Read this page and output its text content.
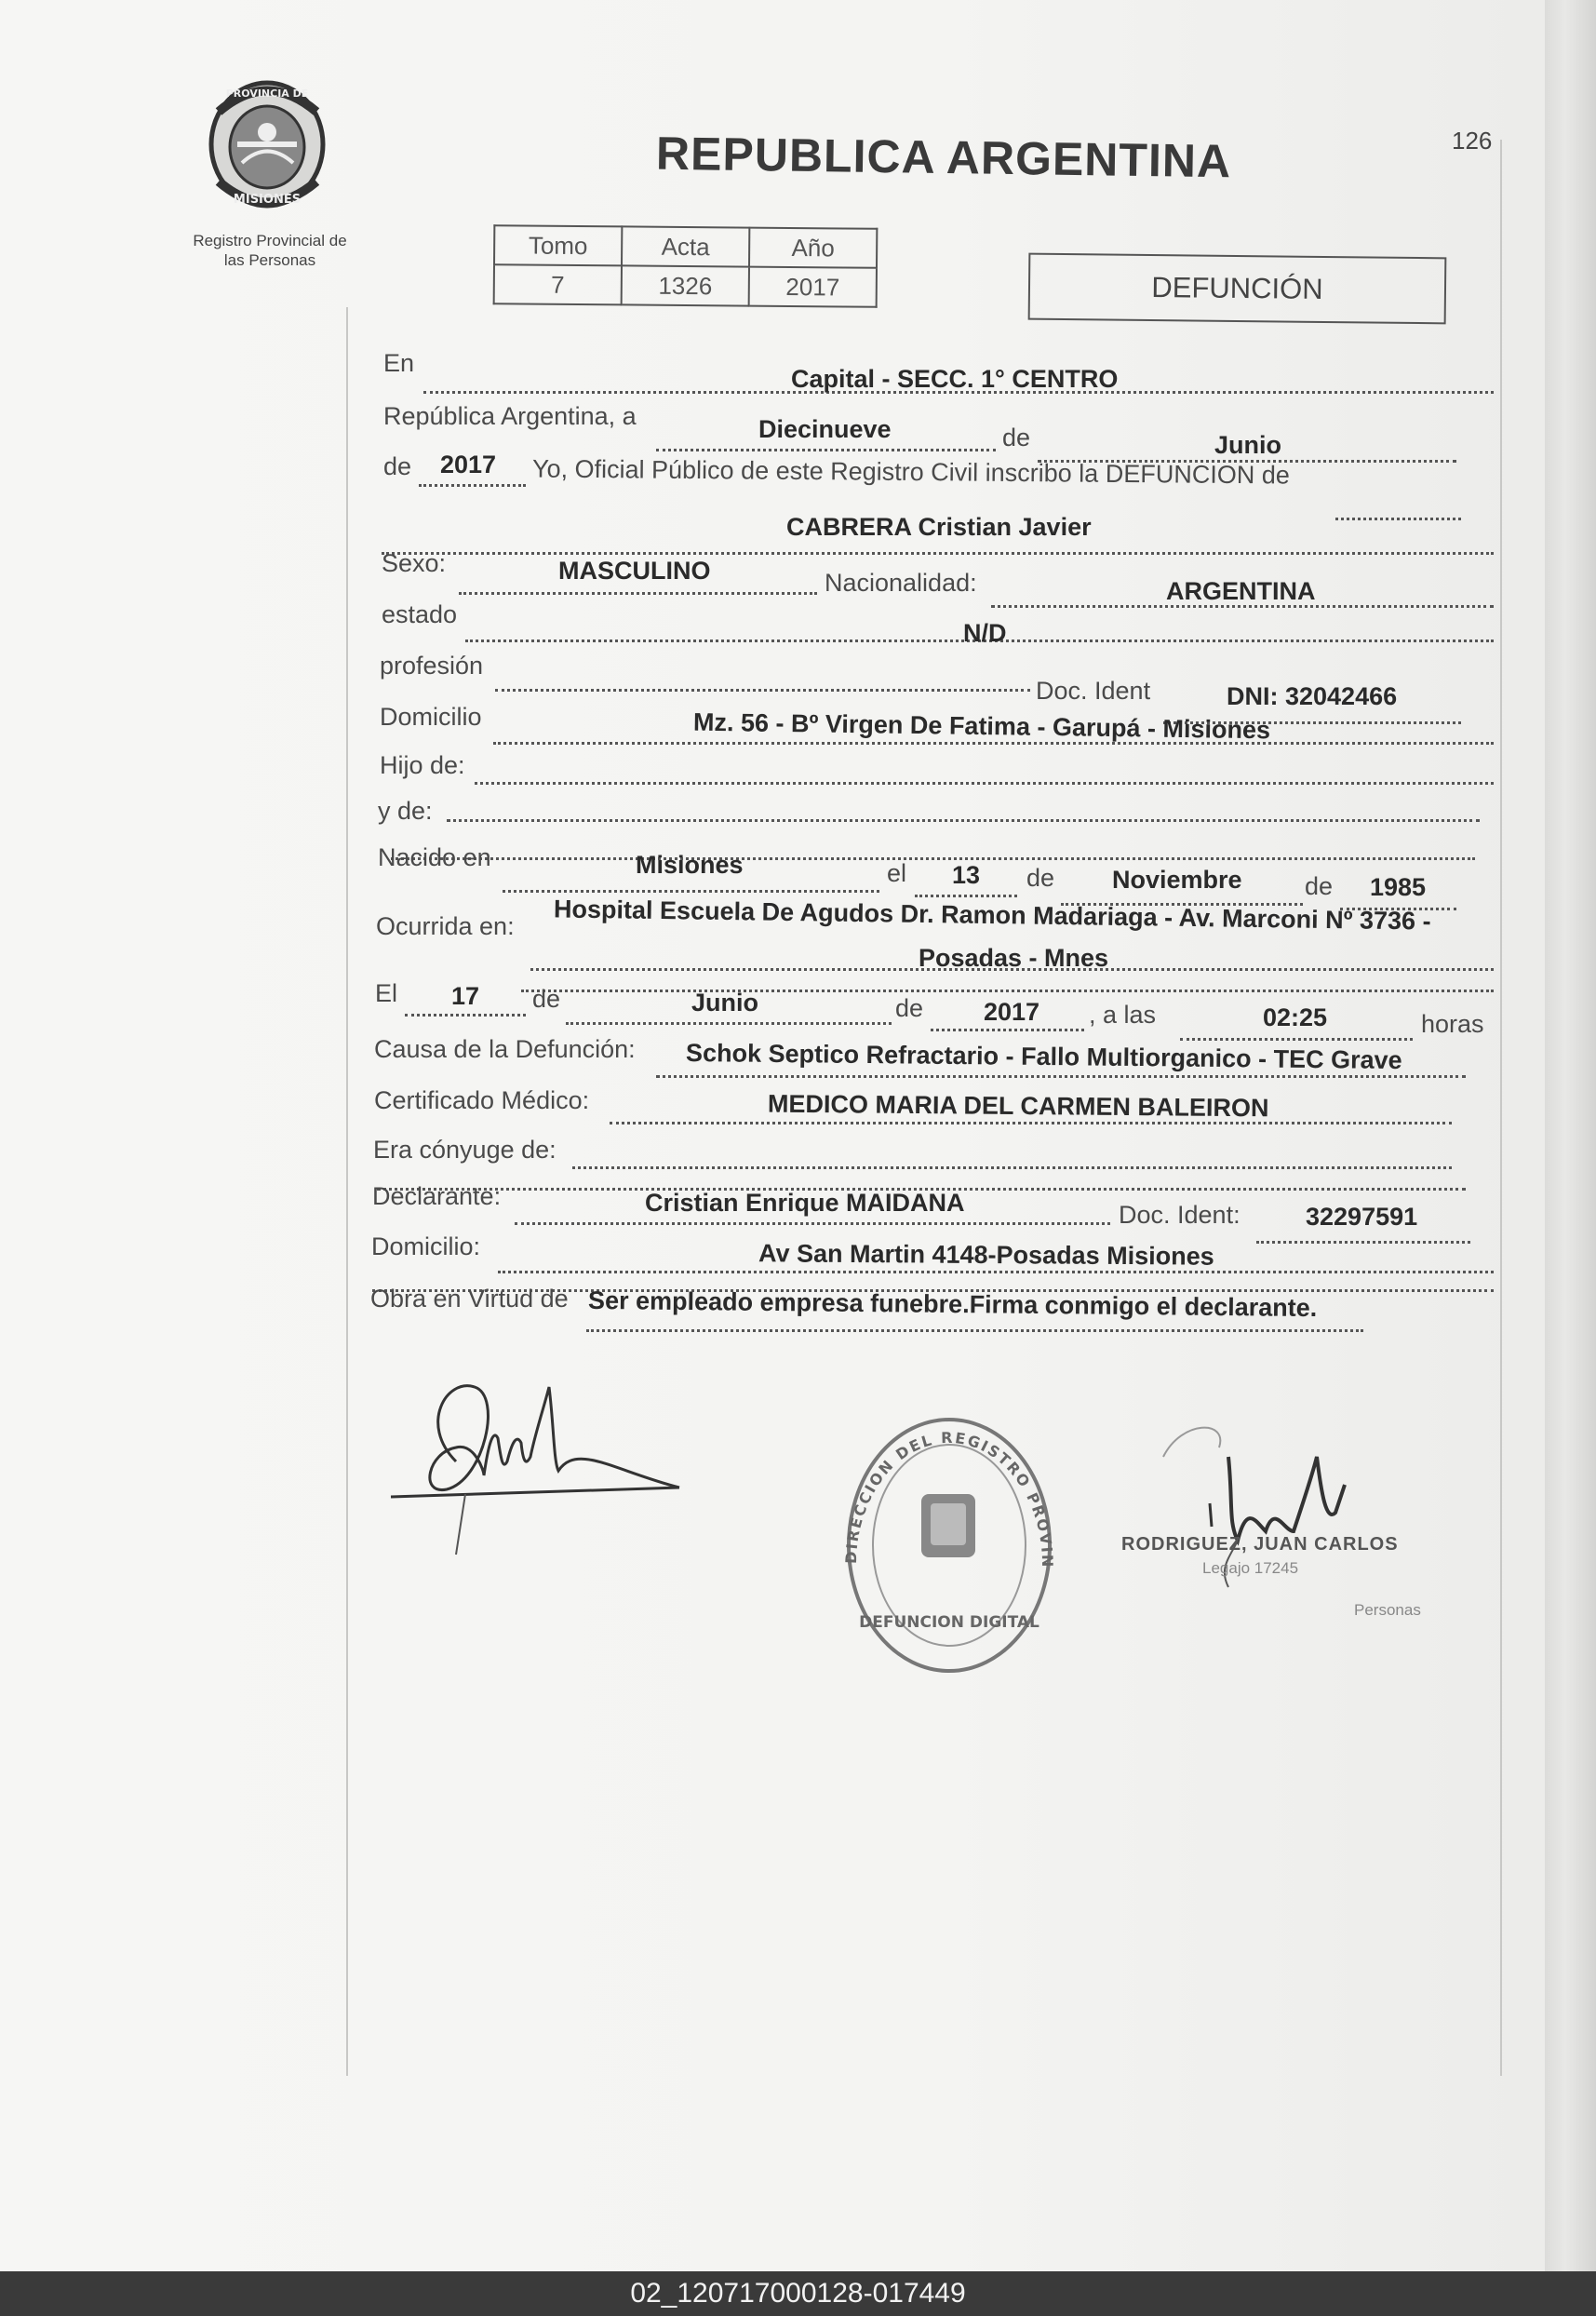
PROVINCIA DE
MISIONES
Registro Provincial de
las Personas
REPUBLICA ARGENTINA	126
Tomo	Acta	Año
7	1326	2017	DEFUNCIÓN
En
Capital - SECC. 1° CENTRO
República Argentina, a	Diecinueve	de	Junio
de 2017 Yo, Oficial Público de este Registro Civil inscribo la DEFUNCION de
CABRERA Cristian Javier
Sexo:	MASCULINO	Nacionalidad:	ARGENTINA
estado
N/D
profesión
Doc. Ident	DNI: 32042466
Domicilio	Mz. 56 - Bº Virgen De Fatima - Garupá - Misiones
Hijo de:
y de:
Nacido en	Misiones	el 13 de Noviembre de 1985
Ocurrida en: Hospital Escuela De Agudos Dr. Ramon Madariaga - Av. Marconi Nº 3736 -
Posadas - Mnes
El 17 de	Junio	de 2017 , a las	02:25	horas
Causa de la Defunción: Schok Septico Refractario - Fallo Multiorganico - TEC Grave
Certificado Médico:	MEDICO MARIA DEL CARMEN BALEIRON
Era cónyuge de:
Declarante:	Cristian Enrique MAIDANA	Doc. Ident:	32297591
Domicilio:	Av San Martin 4148-Posadas Misiones
Obra en Virtud de Ser empleado empresa funebre.Firma conmigo el declarante.
DIRECCION DEL REGISTRO PROVIN
DEFUNCION DIGITAL
RODRIGUEZ, JUAN CARLOS
Legajo 17245
Personas
02_120717000128-017449
